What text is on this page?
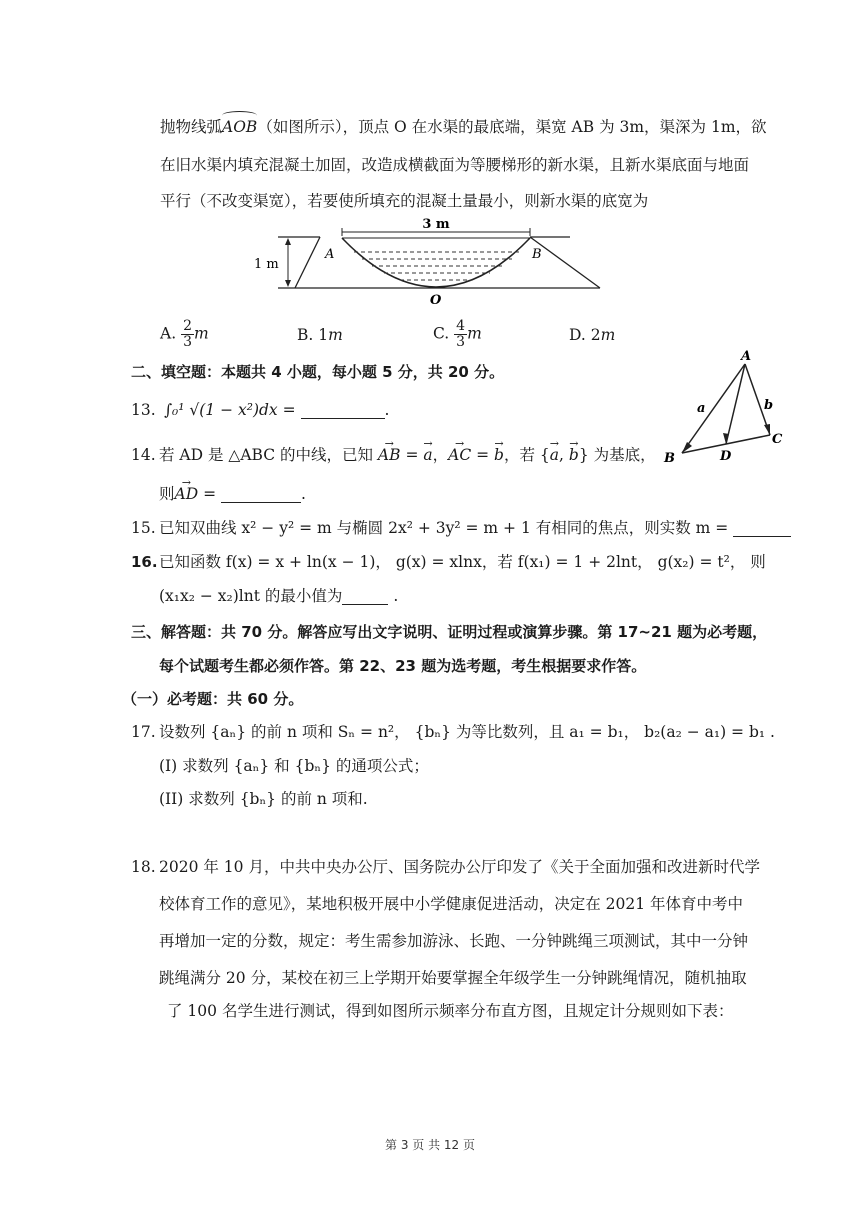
抛物线弧AOB（如图所示），顶点 O 在水渠的最底端，渠宽 AB 为 3m，渠深为 1m，欲
在旧水渠内填充混凝土加固，改造成横截面为等腰梯形的新水渠，且新水渠底面与地面
平行（不改变渠宽），若要使所填充的混凝土量最小，则新水渠的底宽为
3 m
1 m
A	B
O
A. $\frac{2}{3}$ m	B. 1m	C. $\frac{4}{3}$ m	D. 2m
二、填空题：本题共 4 小题，每小题 5 分，共 20 分。
13. ∫₀¹ √(1 − x²)dx =	.
14. 若 AD 是 △ABC 的中线，已知 → AB = → a，→ AC = → b，若 {→ a, → b} 为基底，
则→ AD =	.
A
B
C
D
a	b
15. 已知双曲线 x² − y² = m 与椭圆 2x² + 3y² = m + 1 有相同的焦点，则实数 m =
16.已知函数 f(x) = x + ln(x − 1)， g(x) = xlnx，若 f(x₁) = 1 + 2lnt， g(x₂) = t²， 则
(x₁x₂ − x₂)lnt 的最小值为	.
三、解答题：共 70 分。解答应写出文字说明、证明过程或演算步骤。第 17~21 题为必考题，
每个试题考生都必须作答。第 22、23 题为选考题，考生根据要求作答。
（一）必考题：共 60 分。
17. 设数列 {aₙ} 的前 n 项和 Sₙ = n²， {bₙ} 为等比数列，且 a₁ = b₁， b₂(a₂ − a₁) = b₁ .
(I) 求数列 {aₙ} 和 {bₙ} 的通项公式；
(II) 求数列 {bₙ} 的前 n 项和.
18. 2020 年 10 月，中共中央办公厅、国务院办公厅印发了《关于全面加强和改进新时代学
校体育工作的意见》，某地积极开展中小学健康促进活动，决定在 2021 年体育中考中
再增加一定的分数，规定：考生需参加游泳、长跑、一分钟跳绳三项测试，其中一分钟
跳绳满分 20 分，某校在初三上学期开始要掌握全年级学生一分钟跳绳情况，随机抽取
了 100 名学生进行测试，得到如图所示频率分布直方图，且规定计分规则如下表：
第 3 页 共 12 页
